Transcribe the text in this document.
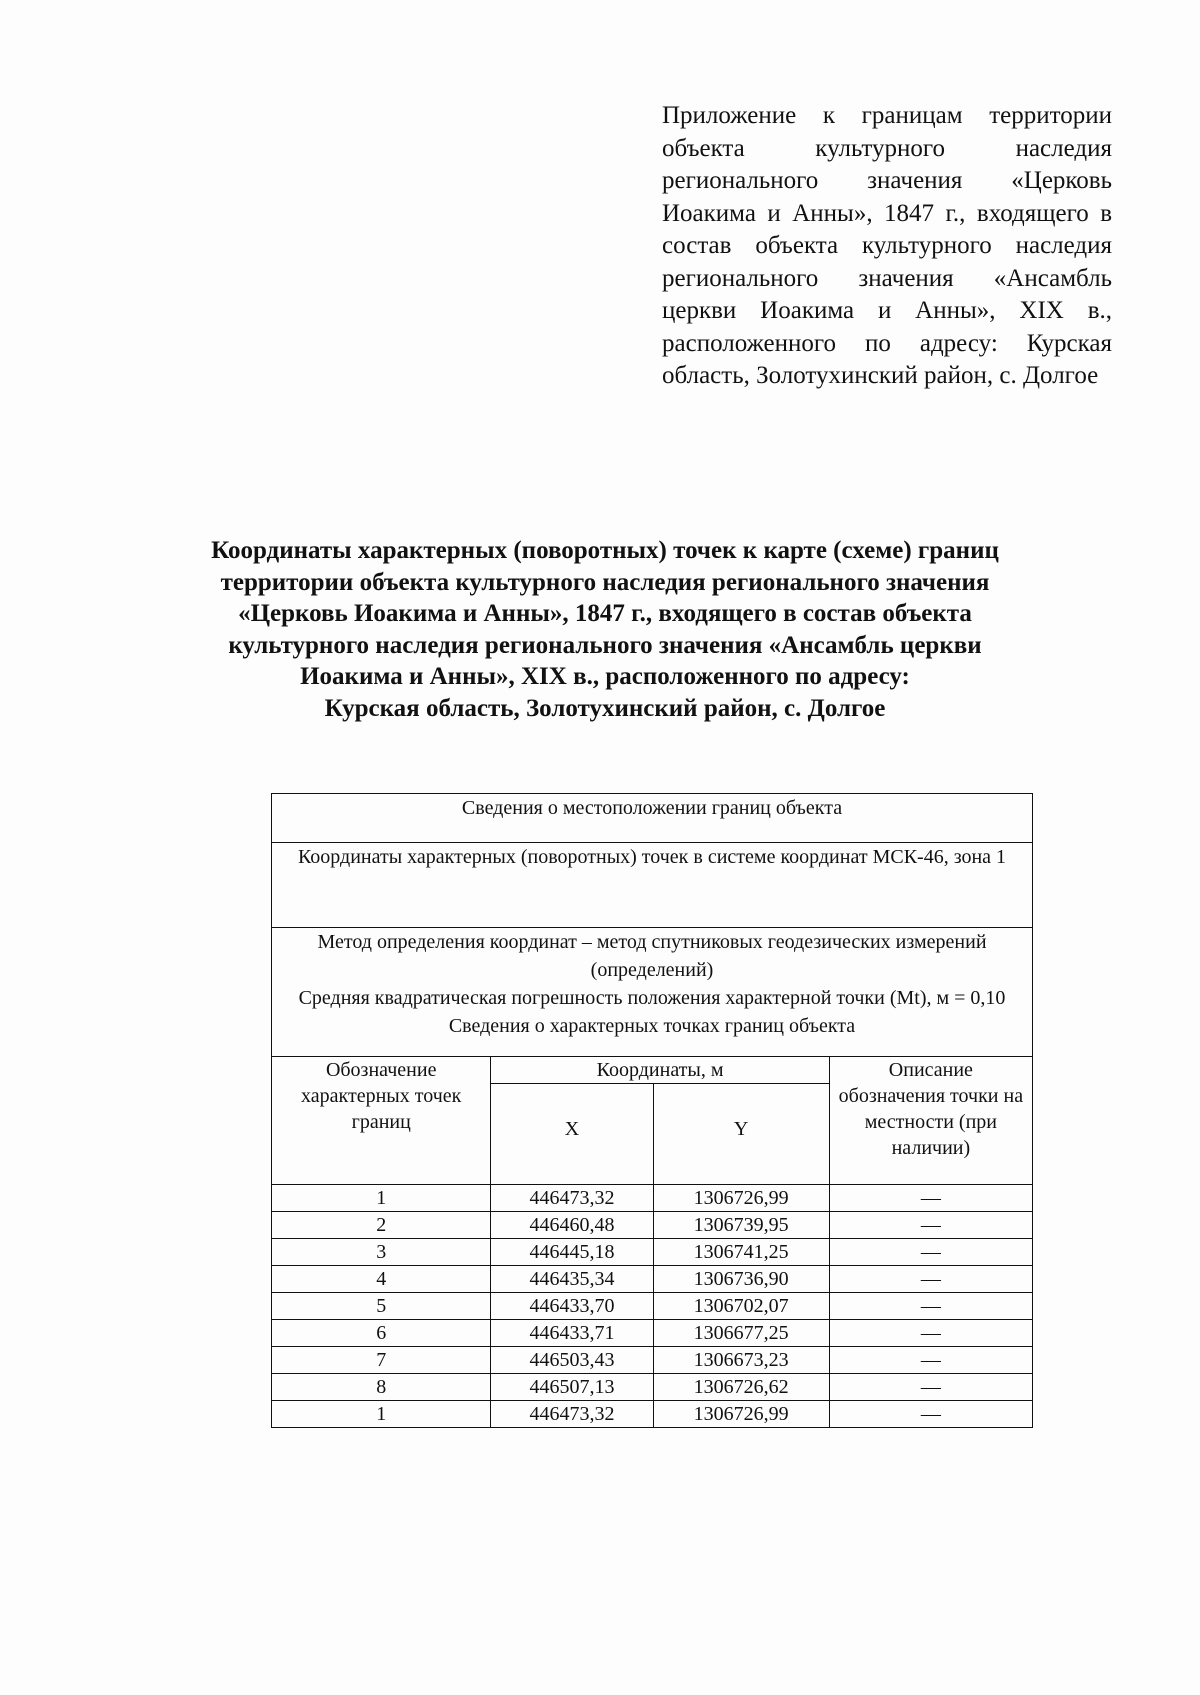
Приложение к границам территории объекта культурного наследия регионального значения «Церковь Иоакима и Анны», 1847 г., входящего в состав объекта культурного наследия регионального значения «Ансамбль церкви Иоакима и Анны», XIX в., расположенного по адресу: Курская область, Золотухинский район, с. Долгое
Координаты характерных (поворотных) точек к карте (схеме) границ
территории объекта культурного наследия регионального значения
«Церковь Иоакима и Анны», 1847 г., входящего в состав объекта
культурного наследия регионального значения «Ансамбль церкви
Иоакима и Анны», XIX в., расположенного по адресу:
Курская область, Золотухинский район, с. Долгое
Сведения о местоположении границ объекта			
Координаты характерных (поворотных) точек в системе координат МСК-46, зона 1			

Метод определения координат – метод спутниковых геодезических измерений (определений)
Средняя квадратическая погрешность положения характерной точки (Mt), м = 0,10
Сведения о характерных точках границ объекта			

Обозначение характерных точек границ	Координаты, м		Описание обозначения точки на местности (при наличии)
	X	Y	
1	446473,32	1306726,99	—
2	446460,48	1306739,95	—
3	446445,18	1306741,25	—
4	446435,34	1306736,90	—
5	446433,70	1306702,07	—
6	446433,71	1306677,25	—
7	446503,43	1306673,23	—
8	446507,13	1306726,62	—
1	446473,32	1306726,99	—
